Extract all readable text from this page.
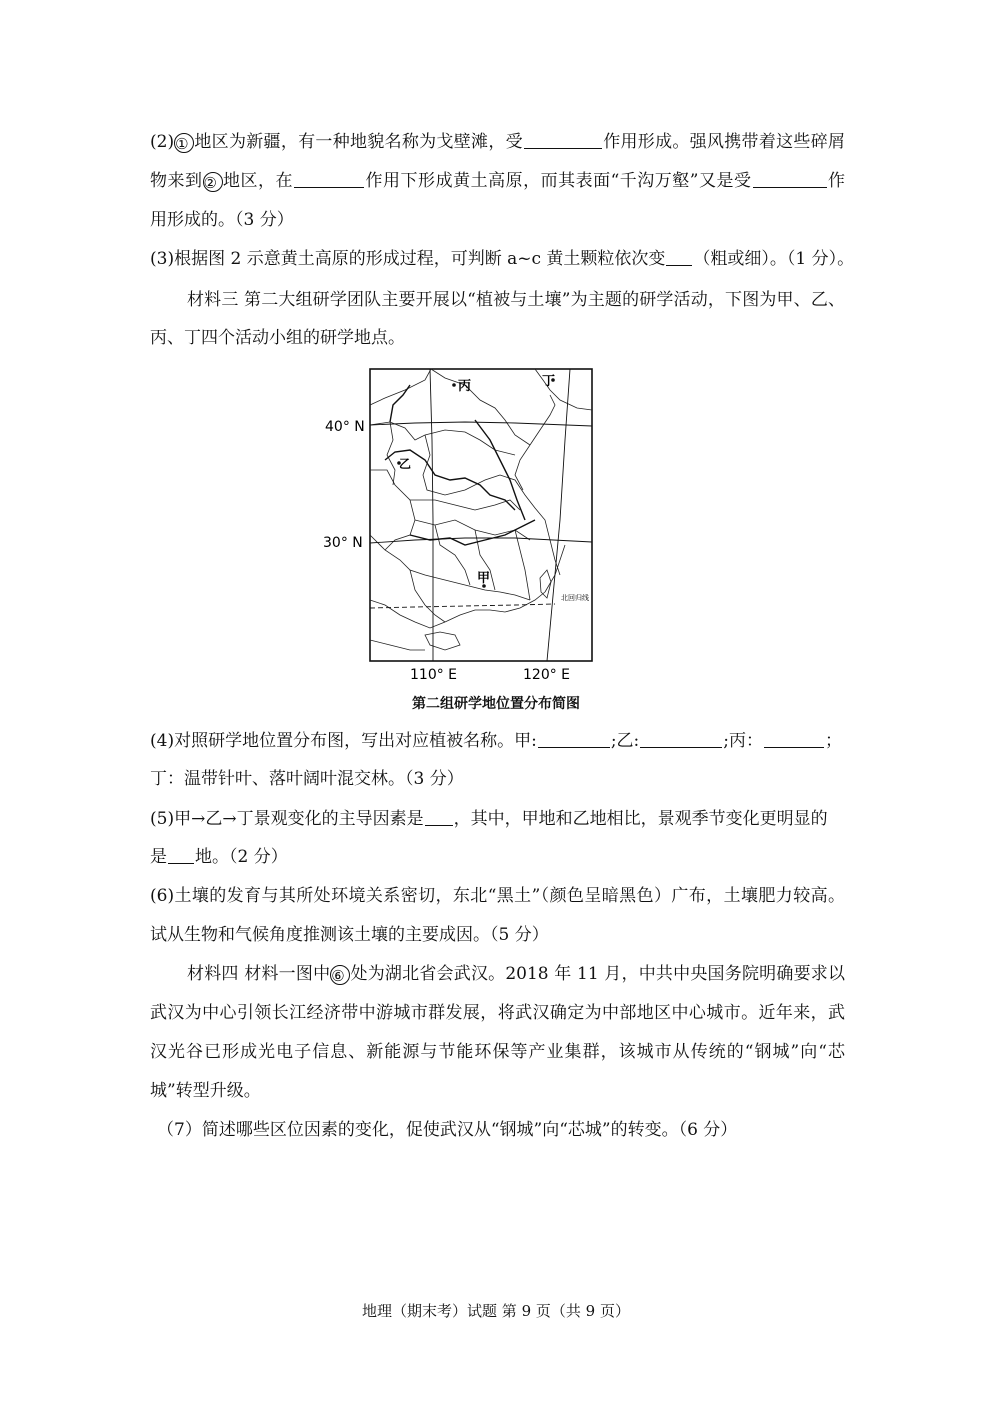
(2)① 地区为新疆，有一种地貌名称为戈壁滩，受	作用形成。强风携带着这些碎屑
物来到② 地区，在	作用下形成黄土高原，而其表面“千沟万壑”又是受	作
用形成的。（3 分）
(3)根据图 2 示意黄土高原的形成过程，可判断 a~c 黄土颗粒依次变 （粗或细）。（1 分）。
材料三 第二大组研学团队主要开展以“植被与土壤”为主题的研学活动，下图为甲、乙、
丙、丁四个活动小组的研学地点。
丙	丁
乙
甲
北回归线
40° N
30° N
110° E	120° E
第二组研学地位置分布简图
(4)对照研学地位置分布图，写出对应植被名称。甲:	;乙:	;丙：	；
丁：温带针叶、落叶阔叶混交林。（3 分）
(5)甲→乙→丁景观变化的主导因素是 ，其中，甲地和乙地相比，景观季节变化更明显的
是 地。（2 分）
(6)土壤的发育与其所处环境关系密切，东北“黑土”（颜色呈暗黑色）广布，土壤肥力较高。
试从生物和气候角度推测该土壤的主要成因。（5 分）
材料四 材料一图中⑥ 处为湖北省会武汉。2018 年 11 月，中共中央国务院明确要求以
武汉为中心引领长江经济带中游城市群发展，将武汉确定为中部地区中心城市。近年来，武
汉光谷已形成光电子信息、新能源与节能环保等产业集群，该城市从传统的“钢城”向“芯
城”转型升级。
（7）简述哪些区位因素的变化，促使武汉从“钢城”向“芯城”的转变。（6 分）
地理（期末考）试题 第 9 页（共 9 页）
